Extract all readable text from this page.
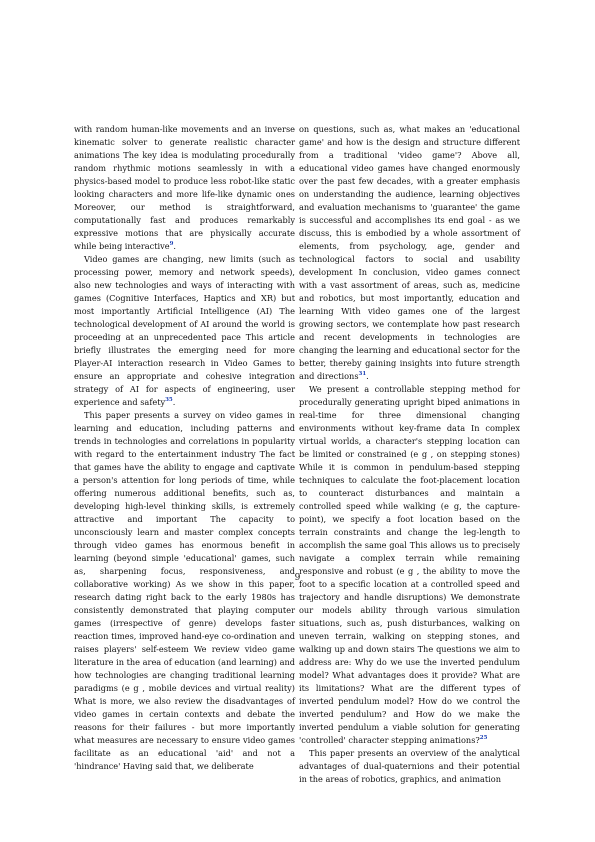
with random human-like movements and an inverse kinematic solver to generate realistic character animations The key idea is modulating procedurally random rhythmic motions seamlessly in with a physics-based model to produce less robot-like static looking characters and more life-like dynamic ones Moreover, our method is straightforward, computationally fast and produces remarkably expressive motions that are physically accurate while being interactive$^9$.

Video games are changing, new limits (such as processing power, memory and network speeds), also new technologies and ways of interacting with games (Cognitive Interfaces, Haptics and XR) but most importantly Artificial Intelligence (AI) The technological development of AI around the world is proceeding at an unprecedented pace This article briefly illustrates the emerging need for more Player-AI interaction research in Video Games to ensure an appropriate and cohesive integration strategy of AI for aspects of engineering, user experience and safety$^{35}$.

This paper presents a survey on video games in learning and education, including patterns and trends in technologies and correlations in popularity with regard to the entertainment industry The fact that games have the ability to engage and captivate a person's attention for long periods of time, while offering numerous additional benefits, such as, developing high-level thinking skills, is extremely attractive and important The capacity to unconsciously learn and master complex concepts through video games has enormous benefit in learning (beyond simple 'educational' games, such as, sharpening focus, responsiveness, and collaborative working) As we show in this paper, research dating right back to the early 1980s has consistently demonstrated that playing computer games (irrespective of genre) develops faster reaction times, improved hand-eye co-ordination and raises players' self-esteem We review video game literature in the area of education (and learning) and how technologies are changing traditional learning paradigms (e g , mobile devices and virtual reality) What is more, we also review the disadvantages of video games in certain contexts and debate the reasons for their failures - but more importantly what measures are necessary to ensure video games facilitate as an educational 'aid' and not a 'hindrance' Having said that, we deliberate

on questions, such as, what makes an 'educational game' and how is the design and structure different from a traditional 'video game'? Above all, educational video games have changed enormously over the past few decades, with a greater emphasis on understanding the audience, learning objectives and evaluation mechanisms to 'guarantee' the game is successful and accomplishes its end goal - as we discuss, this is embodied by a whole assortment of elements, from psychology, age, gender and technological factors to social and usability development In conclusion, video games connect with a vast assortment of areas, such as, medicine and robotics, but most importantly, education and learning With video games one of the largest growing sectors, we contemplate how past research and recent developments in technologies are changing the learning and educational sector for the better, thereby gaining insights into future strength and directions$^{31}$.

We present a controllable stepping method for procedurally generating upright biped animations in real-time for three dimensional changing environments without key-frame data In complex virtual worlds, a character's stepping location can be limited or constrained (e g , on stepping stones) While it is common in pendulum-based stepping techniques to calculate the foot-placement location to counteract disturbances and maintain a controlled speed while walking (e g, the capture-point), we specify a foot location based on the terrain constraints and change the leg-length to accomplish the same goal This allows us to precisely navigate a complex terrain while remaining responsive and robust (e g , the ability to move the foot to a specific location at a controlled speed and trajectory and handle disruptions) We demonstrate our models ability through various simulation situations, such as, push disturbances, walking on uneven terrain, walking on stepping stones, and walking up and down stairs The questions we aim to address are: Why do we use the inverted pendulum model? What advantages does it provide? What are its limitations? What are the different types of inverted pendulum model? How do we control the inverted pendulum? and How do we make the inverted pendulum a viable solution for generating 'controlled' character stepping animations?$^{25}$

This paper presents an overview of the analytical advantages of dual-quaternions and their potential in the areas of robotics, graphics, and animation

9
